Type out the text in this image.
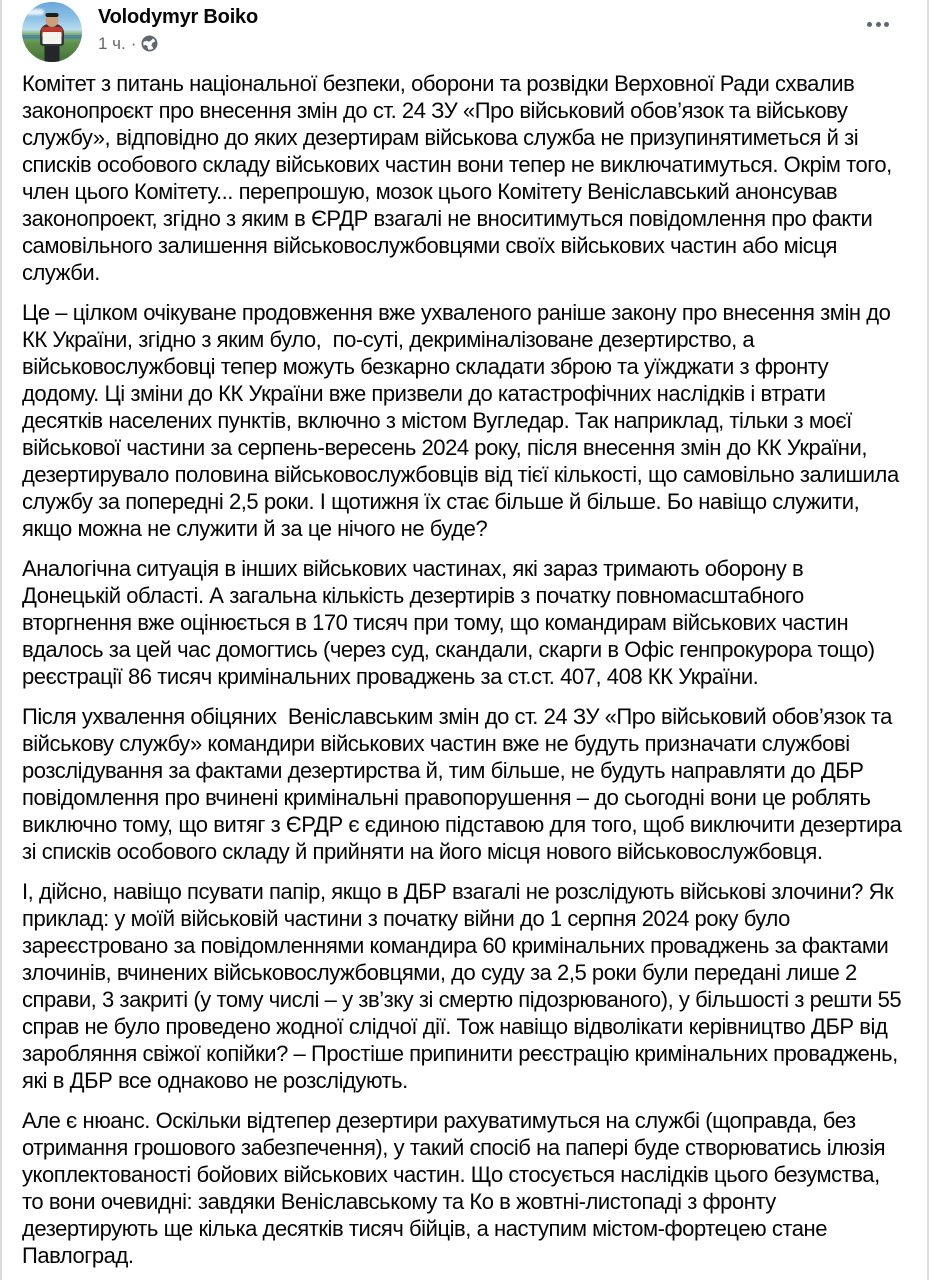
Volodymyr Boiko
1 ч. ·

Комітет з питань національної безпеки, оборони та розвідки Верховної Ради схвалив законопроєкт про внесення змін до ст. 24 ЗУ «Про військовий обов’язок та військову службу», відповідно до яких дезертирам військова служба не призупинятиметься й зі списків особового складу військових частин вони тепер не виключатимуться. Окрім того, член цього Комітету... перепрошую, мозок цього Комітету Веніславський анонсував законопроект, згідно з яким в ЄРДР взагалі не вноситимуться повідомлення про факти самовільного залишення військовослужбовцями своїх військових частин або місця служби.

Це – цілком очікуване продовження вже ухваленого раніше закону про внесення змін до КК України, згідно з яким було,  по-суті, декриміналізоване дезертирство, а військовослужбовці тепер можуть безкарно складати зброю та уїжджати з фронту додому. Ці зміни до КК України вже призвели до катастрофічних наслідків і втрати десятків населених пунктів, включно з містом Вугледар. Так наприклад, тільки з моєї військової частини за серпень-вересень 2024 року, після внесення змін до КК України, дезертирувало половина військовослужбовців від тієї кількості, що самовільно залишила службу за попередні 2,5 роки. І щотижня їх стає більше й більше. Бо навіщо служити, якщо можна не служити й за це нічого не буде?

Аналогічна ситуація в інших військових частинах, які зараз тримають оборону в Донецькій області. А загальна кількість дезертирів з початку повномасштабного вторгнення вже оцінюється в 170 тисяч при тому, що командирам військових частин вдалось за цей час домогтись (через суд, скандали, скарги в Офіс генпрокурора тощо) реєстрації 86 тисяч кримінальних проваджень за ст.ст. 407, 408 КК України.

Після ухвалення обіцяних  Веніславським змін до ст. 24 ЗУ «Про військовий обов’язок та військову службу» командири військових частин вже не будуть призначати службові розслідування за фактами дезертирства й, тим більше, не будуть направляти до ДБР повідомлення про вчинені кримінальні правопорушення – до сьогодні вони це роблять виключно тому, що витяг з ЄРДР є єдиною підставою для того, щоб виключити дезертира зі списків особового складу й прийняти на його місця нового військовослужбовця.

І, дійсно, навіщо псувати папір, якщо в ДБР взагалі не розслідують військові злочини? Як приклад: у моїй військовій частини з початку війни до 1 серпня 2024 року було зареєстровано за повідомленнями командира 60 кримінальних проваджень за фактами злочинів, вчинених військовослужбовцями, до суду за 2,5 роки були передані лише 2 справи, 3 закриті (у тому числі – у зв’зку зі смертю підозрюваного), у більшості з решти 55 справ не було проведено жодної слідчої дії. Тож навіщо відволікати керівництво ДБР від заробляння свіжої копійки? – Простіше припинити реєстрацію кримінальних проваджень, які в ДБР все однаково не розслідують.

Але є нюанс. Оскільки відтепер дезертири рахуватимуться на службі (щоправда, без отримання грошового забезпечення), у такий спосіб на папері буде створюватись ілюзія укоплектованості бойових військових частин. Що стосується наслідків цього безумства, то вони очевидні: завдяки Веніславському та Ко в жовтні-листопаді з фронту дезертирують ще кілька десятків тисяч бійців, а наступим містом-фортецею стане Павлоград.
